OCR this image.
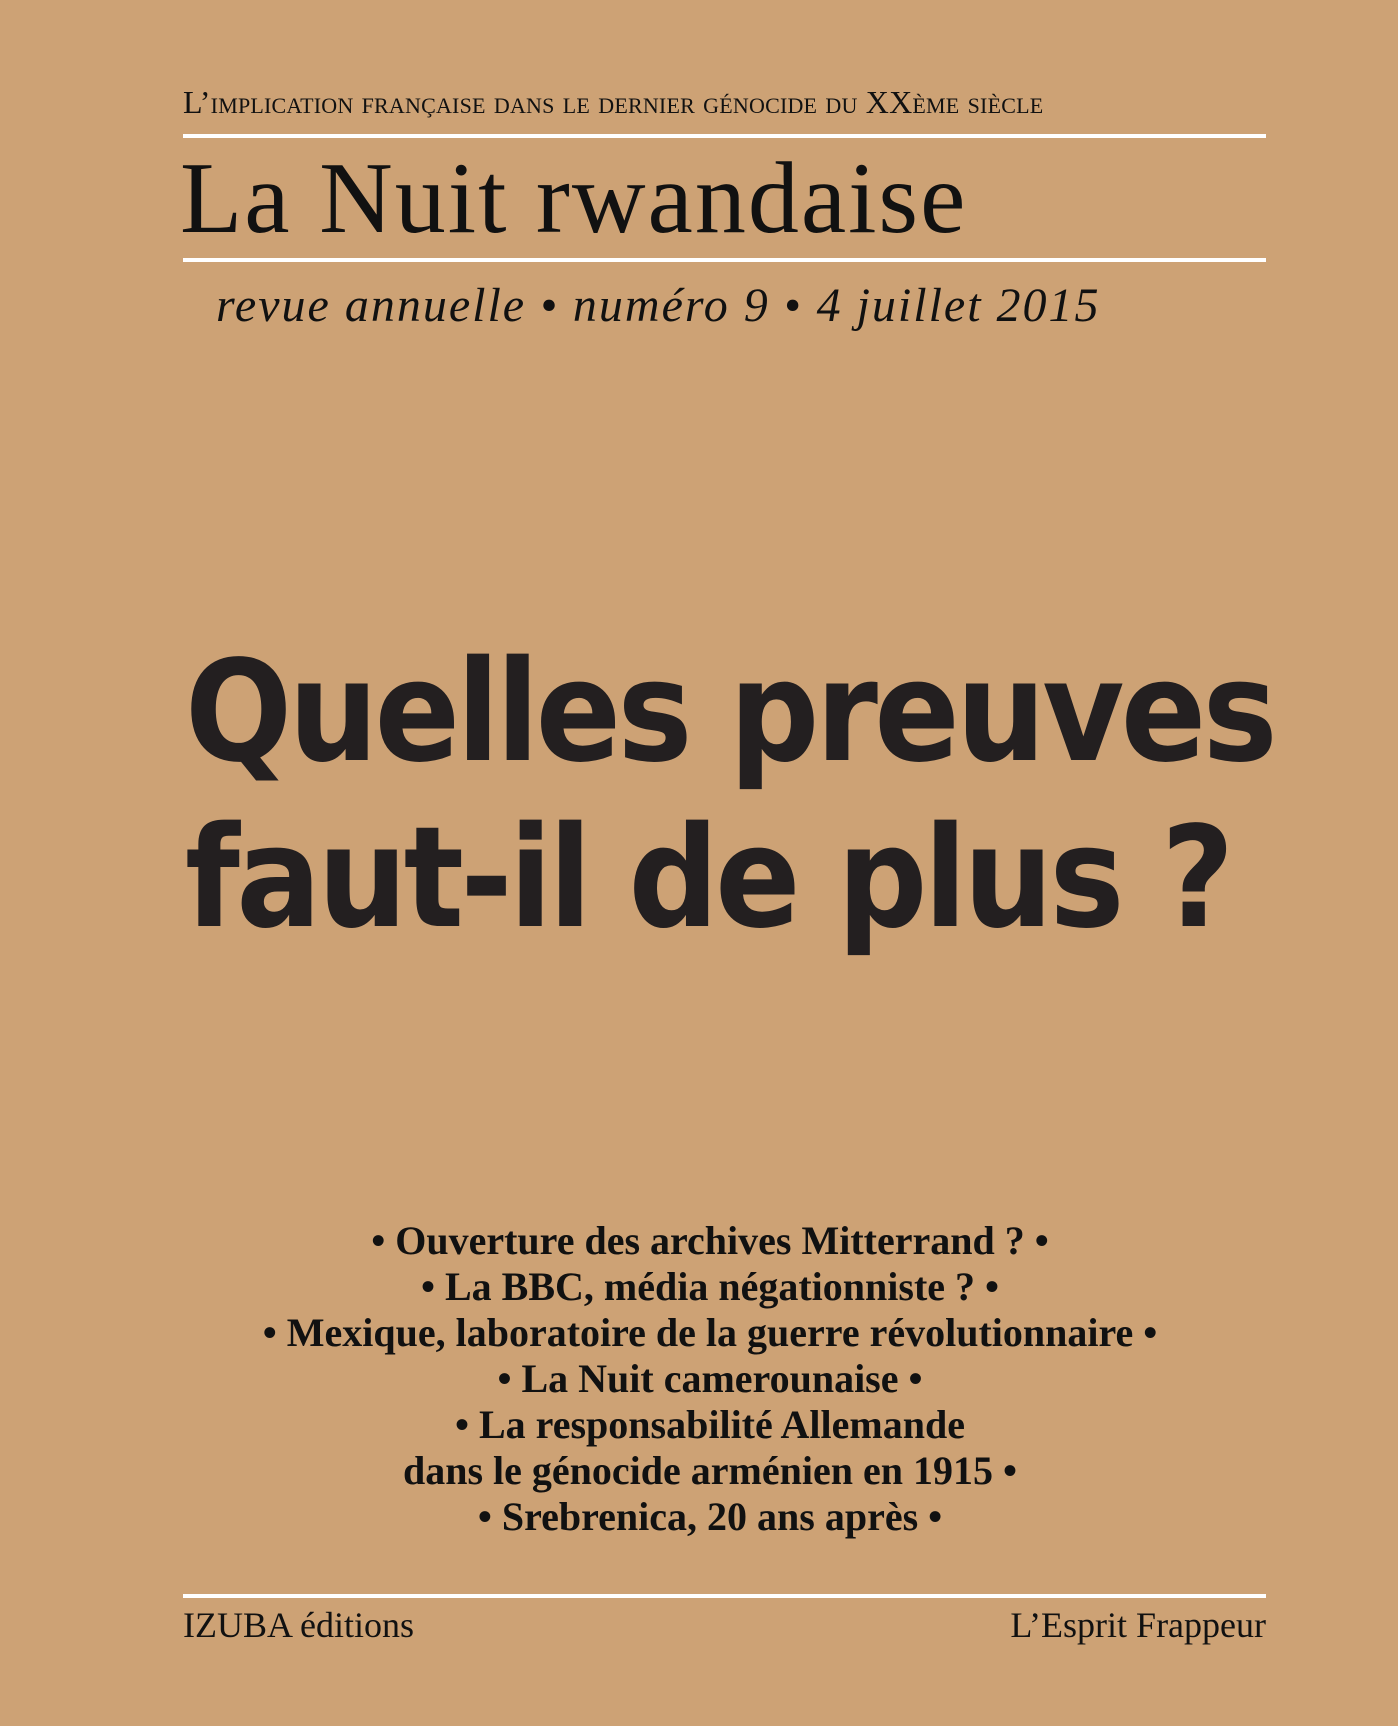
L’implication française dans le dernier génocide du XXème siècle
La Nuit rwandaise
revue annuelle • numéro 9 • 4 juillet 2015
Quelles preuves
faut-il de plus ?
• Ouverture des archives Mitterrand ? •
• La BBC, média négationniste ? •
• Mexique, laboratoire de la guerre révolutionnaire •
• La Nuit camerounaise •
• La responsabilité Allemande
dans le génocide arménien en 1915 •
• Srebrenica, 20 ans après •
IZUBA éditions	L’Esprit Frappeur
